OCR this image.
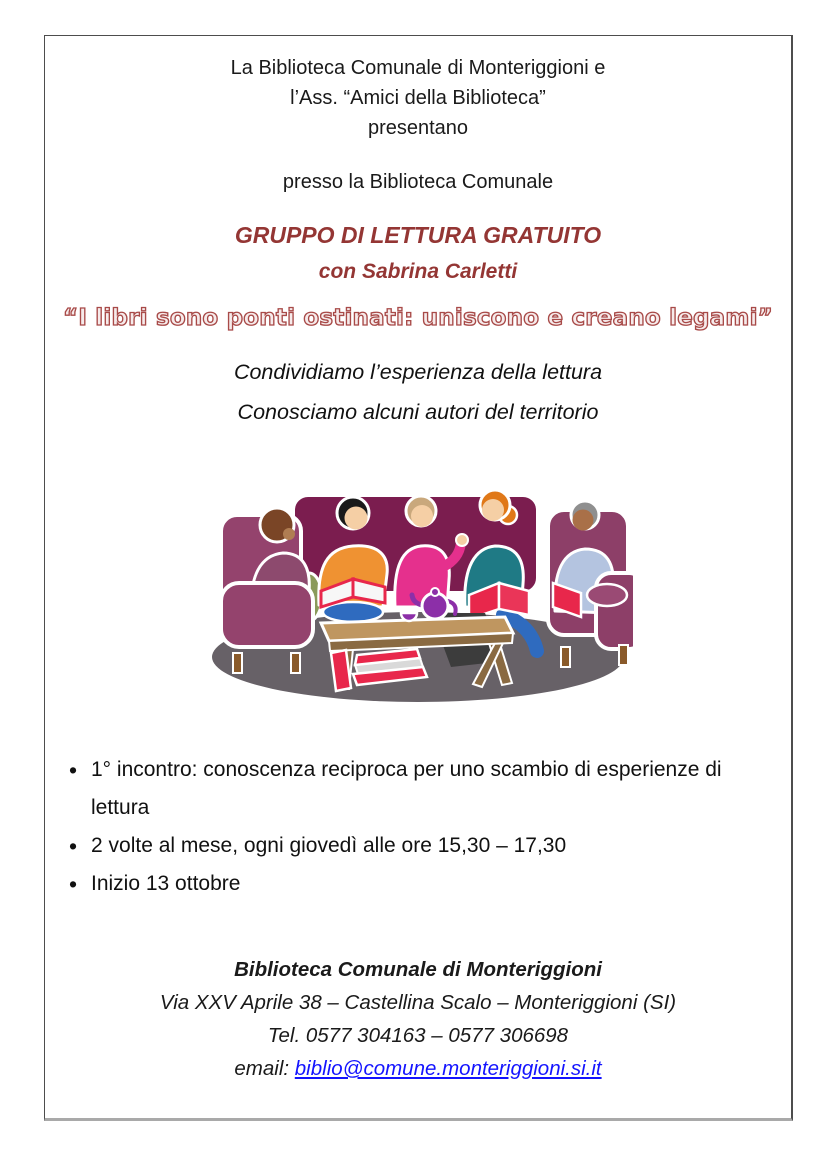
La Biblioteca Comunale di Monteriggioni e

l’Ass. “Amici della Biblioteca”

presentano

presso la Biblioteca Comunale

GRUPPO DI LETTURA GRATUITO

con Sabrina Carletti

“I libri sono ponti ostinati: uniscono e creano legami”

Condividiamo l’esperienza della lettura

Conosciamo alcuni autori del territorio

• 1° incontro: conoscenza reciproca per uno scambio di esperienze di lettura
• 2 volte al mese, ogni giovedì alle ore 15,30 – 17,30
• Inizio 13 ottobre

Biblioteca Comunale di Monteriggioni

Via XXV Aprile 38 – Castellina Scalo – Monteriggioni (SI)

Tel. 0577 304163 – 0577 306698

email: biblio@comune.monteriggioni.si.it
